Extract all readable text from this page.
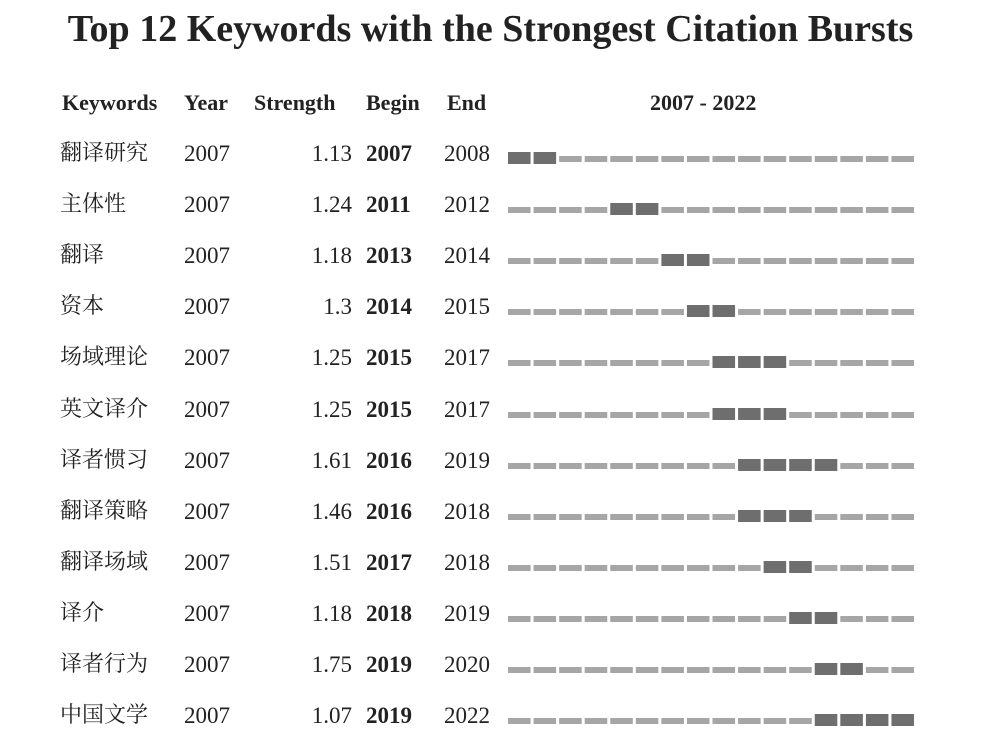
Top 12 Keywords with the Strongest Citation Bursts
Keywords Year Strength Begin End	2007 - 2022
翻译研究 2007	1.13 2007 2008
主体性	2007	1.24 2011 2012
翻译	2007	1.18 2013 2014
资本	2007	1.3 2014 2015
场域理论 2007	1.25 2015 2017
英文译介 2007	1.25 2015 2017
译者惯习 2007	1.61 2016 2019
翻译策略 2007	1.46 2016 2018
翻译场域 2007	1.51 2017 2018
译介	2007	1.18 2018 2019
译者行为 2007	1.75 2019 2020
中国文学 2007	1.07 2019 2022
